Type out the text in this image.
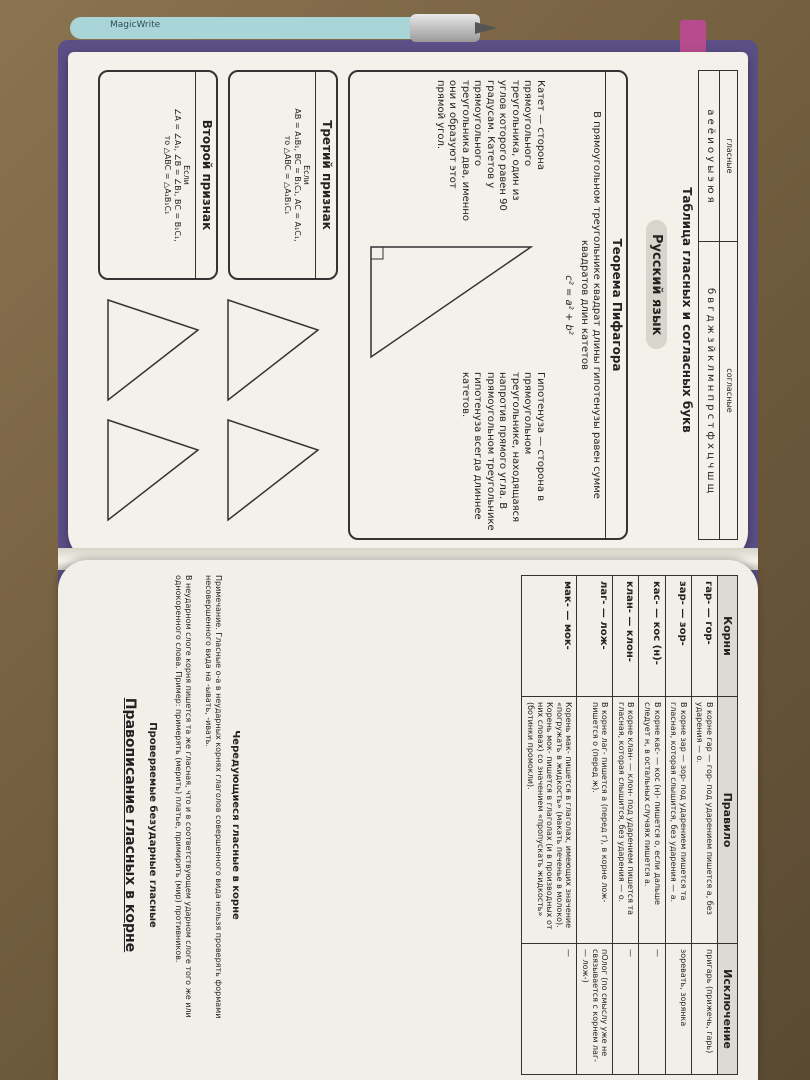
MagicWrite
Второй признак
Если
∠A = ∠A₁, ∠B = ∠B₁, BC = B₁C₁,
то △ABC = △A₁B₁C₁	Третий признак
Если
AB = A₁B₁, BC = B₁C₁, AC = A₁C₁,
то △ABC = △A₁B₁C₁
Теорема Пифагора
В прямоугольном треугольнике квадрат длины гипотенузы равен сумме квадратов длин катетов
c² = a² + b²
Катет — сторона прямоугольного треугольника, один из углов которого равен 90 градусам. Катетов у прямоугольного треугольника два, именно они и образуют этот прямой угол.
Гипотенуза — сторона в прямоугольном треугольнике, находящаяся напротив прямого угла. В прямоугольном треугольнике гипотенуза всегда длиннее катетов.
Русский язык	Таблица гласных и согласных букв
гласные	согласные
а е ё и о у ы э ю я	б в г д ж з й к л м н п р с т ф х ц ч ш щ
Правописание гласных в корне Проверяемые безударные гласные	В неударном слоге корня пишется та же гласная, что и в соответствующем ударном слоге того же или однокоренного слова. Пример: примерять (мерить) платье, примирить (мир) противников.	Примечание. Гласные о-а в неударных корнях глаголов совершенного вида нельзя проверять формами несовершенного вида на -ывать, -ивать.
Чередующиеся гласные в корне
Корни	Правило	Исключение
гар- — гор-	В корне гар — гор- под ударением пишется а, без ударения — о.	пригарь (прижечь, гарь)
зар- — зор-	В корне зар — зор- под ударением пишется та гласная, которая слышится, без ударения — а.	зоревать, зорянка
кас- — кос (н)-	В корне кас- — кос (н)- пишется о, если дальше следует н, в остальных случаях пишется а.	—
клан- — клон-	В корне клан- — клон- под ударением пишется та гласная, которая слышится, без ударения — о.	—
лаг- — лож-	В корне лаг- пишется а (перед г), в корне лож- пишется о (перед ж).	пОлог (по смыслу уже не связывается с корнем лаг- — лож-)
мак- — мок-	Корень мак- пишется в глаголах, имеющих значение «погружать в жидкость» (макать печенье в молоко). Корень мок- пишется в глаголах (и в производных от них словах) со значением «пропускать жидкость» (ботинки промокли).	—
